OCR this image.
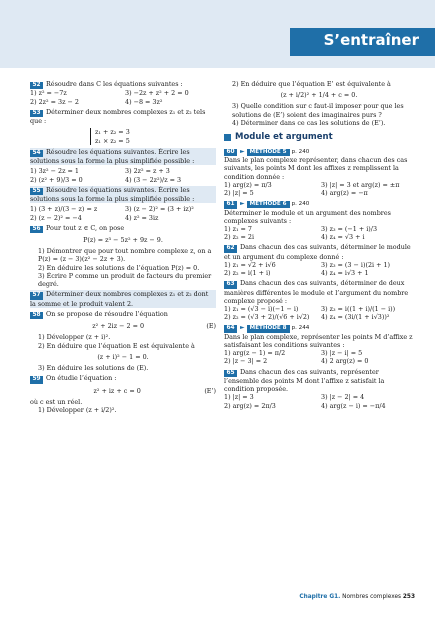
S’entraîner
52 Résoudre dans C les équations suivantes :
1) z² = −7z	3) −2z + z² + 2 = 0
2) 2z² = 3z − 2	4) −8 = 3z²
53 Déterminer deux nombres complexes z₁ et z₂ tels que :
z₁ + z₂ = 3
z₁ × z₂ = 5
54 Résoudre les équations suivantes. Écrire les solutions sous la forme la plus simplifiée possible :
1) 3z² − 2z = 1	3) 2z² = z + 3
2) (z² + 9)/3 = 0	4) (3 − 2z²)/z = 3
55 Résoudre les équations suivantes. Écrire les solutions sous la forme la plus simplifiée possible :
1) (3 + z)/(3 − z) = z	3) (z − 2)² = (3 + iz)²
2) (z − 2)² = −4	4) z² = 3iz
56 Pour tout z ∈ C, on pose
P(z) = z³ − 5z² + 9z − 9.
1) Démontrer que pour tout nombre complexe z, on a P(z) = (z − 3)(z² − 2z + 3).
2) En déduire les solutions de l’équation P(z) = 0.
3) Écrire P comme un produit de facteurs du premier degré.
57 Déterminer deux nombres complexes z₁ et z₂ dont la somme et le produit valent 2.
58 On se propose de résoudre l’équation
z² + 2iz − 2 = 0	(E)
1) Développer (z + i)².
2) En déduire que l’équation E est équivalente à
(z + i)² − 1 = 0.
3) En déduire les solutions de (E).
59 On étudie l’équation :
z² + iz + c = 0	(E’)
où c est un réel.
1) Développer (z + i/2)².
2) En déduire que l’équation E’ est équivalente à
(z + i/2)² + 1/4 + c = 0.
3) Quelle condition sur c faut-il imposer pour que les solutions de (E’) soient des imaginaires purs ?
4) Déterminer dans ce cas les solutions de (E’).
Module et argument
60 ► MÉTHODE 5 p. 240
Dans le plan complexe représenter, dans chacun des cas suivants, les points M dont les affixes z remplissent la condition donnée :
1) arg(z) = π/3	3) |z| = 3 et arg(z) = ±π
2) |z| = 5	4) arg(z) = −π
61 ► MÉTHODE 6 p. 240
Déterminer le module et un argument des nombres complexes suivants :
1) z₁ = 7	3) z₃ = (−1 + i)/3
2) z₂ = 2i	4) z₄ = √3 + i
62 Dans chacun des cas suivants, déterminer le module et un argument du complexe donné :
1) z₁ = √2 + i√6	3) z₃ = (3 − i)(2i + 1)
2) z₂ = i(1 + i)	4) z₄ = i√3 + 1
63 Dans chacun des cas suivants, déterminer de deux manières différentes le module et l’argument du nombre complexe proposé :
1) z₁ = (√3 − i)(−1 − i)	3) z₃ = i((1 + i)/(1 − i))
2) z₂ = (√3 + 2)/(√6 + i√2)	4) z₄ = (3i/(1 + i√3))²
64 ► MÉTHODE 8 p. 244
Dans le plan complexe, représenter les points M d’affixe z satisfaisant les conditions suivantes :
1) arg(z − 1) = π/2	3) |z − i| = 5
2) |z − 3| = 2	4) 2 arg(z) = 0
65 Dans chacun des cas suivants, représenter l’ensemble des points M dont l’affixe z satisfait la condition proposée.
1) |z| = 3	3) |z − 2| = 4
2) arg(z) = 2π/3	4) arg(z − i) = −π/4
Chapitre G1. Nombres complexes 253
